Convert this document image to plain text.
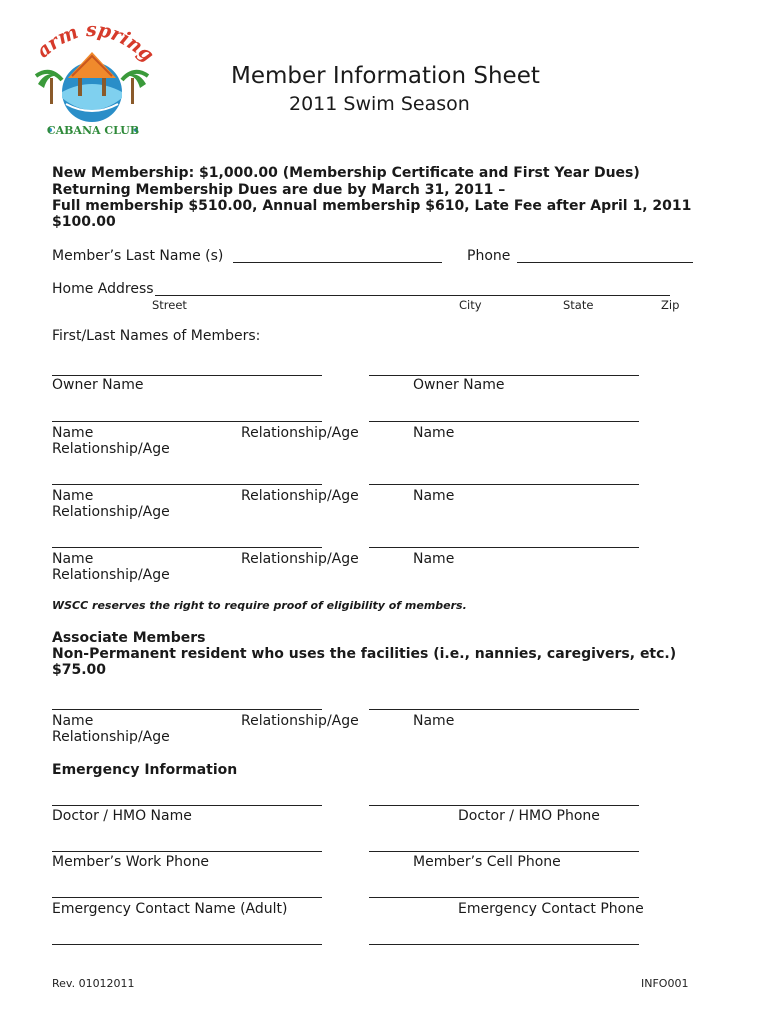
arm spring
CABANA CLUB
Member Information Sheet
2011 Swim Season
New Membership: $1,000.00 (Membership Certificate and First Year Dues)
Returning Membership Dues are due by March 31, 2011 –
Full membership $510.00, Annual membership $610, Late Fee after April 1, 2011
$100.00
Member’s Last Name (s)	Phone
Home Address
Street	City	State	Zip
First/Last Names of Members:
Owner Name	Owner Name
Name	Relationship/Age	Name
Relationship/Age
Name	Relationship/Age	Name
Relationship/Age
Name	Relationship/Age	Name
Relationship/Age
WSCC reserves the right to require proof of eligibility of members.
Associate Members
Non-Permanent resident who uses the facilities (i.e., nannies, caregivers, etc.)
$75.00
Name	Relationship/Age	Name
Relationship/Age
Emergency Information
Doctor / HMO Name	Doctor / HMO Phone
Member’s Work Phone	Member’s Cell Phone
Emergency Contact Name (Adult)	Emergency Contact Phone
Rev. 01012011	INFO001
